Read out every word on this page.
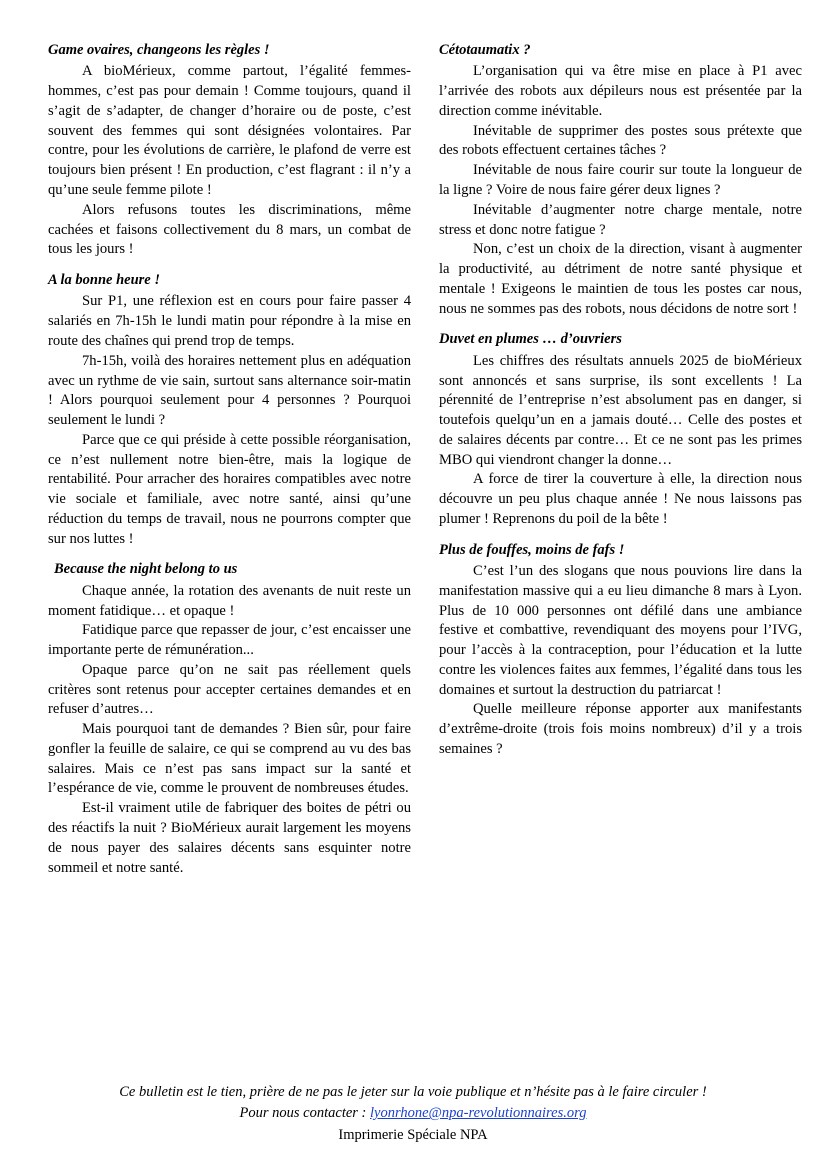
Game ovaires, changeons les règles !

A bioMérieux, comme partout, l’égalité femmes-hommes, c’est pas pour demain ! Comme toujours, quand il s’agit de s’adapter, de changer d’horaire ou de poste, c’est souvent des femmes qui sont désignées volontaires. Par contre, pour les évolutions de carrière, le plafond de verre est toujours bien présent ! En production, c’est flagrant : il n’y a qu’une seule femme pilote !

Alors refusons toutes les discriminations, même cachées et faisons collectivement du 8 mars, un combat de tous les jours !

A la bonne heure !

Sur P1, une réflexion est en cours pour faire passer 4 salariés en 7h-15h le lundi matin pour répondre à la mise en route des chaînes qui prend trop de temps.

7h-15h, voilà des horaires nettement plus en adéquation avec un rythme de vie sain, surtout sans alternance soir-matin ! Alors pourquoi seulement pour 4 personnes ? Pourquoi seulement le lundi ?

Parce que ce qui préside à cette possible réorganisation, ce n’est nullement notre bien-être, mais la logique de rentabilité. Pour arracher des horaires compatibles avec notre vie sociale et familiale, avec notre santé, ainsi qu’une réduction du temps de travail, nous ne pourrons compter que sur nos luttes !

Because the night belong to us

Chaque année, la rotation des avenants de nuit reste un moment fatidique… et opaque !

Fatidique parce que repasser de jour, c’est encaisser une importante perte de rémunération...

Opaque parce qu’on ne sait pas réellement quels critères sont retenus pour accepter certaines demandes et en refuser d’autres…

Mais pourquoi tant de demandes ? Bien sûr, pour faire gonfler la feuille de salaire, ce qui se comprend au vu des bas salaires. Mais ce n’est pas sans impact sur la santé et l’espérance de vie, comme le prouvent de nombreuses études.

Est-il vraiment utile de fabriquer des boites de pétri ou des réactifs la nuit ? BioMérieux aurait largement les moyens de nous payer des salaires décents sans esquinter notre sommeil et notre santé.

Cétotaumatix ?

L’organisation qui va être mise en place à P1 avec l’arrivée des robots aux dépileurs nous est présentée par la direction comme inévitable.

Inévitable de supprimer des postes sous prétexte que des robots effectuent certaines tâches ?

Inévitable de nous faire courir sur toute la longueur de la ligne ? Voire de nous faire gérer deux lignes ?

Inévitable d’augmenter notre charge mentale, notre stress et donc notre fatigue ?

Non, c’est un choix de la direction, visant à augmenter la productivité, au détriment de notre santé physique et mentale ! Exigeons le maintien de tous les postes car nous, nous ne sommes pas des robots, nous décidons de notre sort !

Duvet en plumes … d’ouvriers

Les chiffres des résultats annuels 2025 de bioMérieux sont annoncés et sans surprise, ils sont excellents ! La pérennité de l’entreprise n’est absolument pas en danger, si toutefois quelqu’un en a jamais douté… Celle des postes et de salaires décents par contre… Et ce ne sont pas les primes MBO qui viendront changer la donne…

A force de tirer la couverture à elle, la direction nous découvre un peu plus chaque année ! Ne nous laissons pas plumer ! Reprenons du poil de la bête !

Plus de fouffes, moins de fafs !

C’est l’un des slogans que nous pouvions lire dans la manifestation massive qui a eu lieu dimanche 8 mars à Lyon. Plus de 10 000 personnes ont défilé dans une ambiance festive et combattive, revendiquant des moyens pour l’IVG, pour l’accès à la contraception, pour l’éducation et la lutte contre les violences faites aux femmes, l’égalité dans tous les domaines et surtout la destruction du patriarcat !

Quelle meilleure réponse apporter aux manifestants d’extrême-droite (trois fois moins nombreux) d’il y a trois semaines ?

Ce bulletin est le tien, prière de ne pas le jeter sur la voie publique et n’hésite pas à le faire circuler !
Pour nous contacter : lyonrhone@npa-revolutionnaires.org
Imprimerie Spéciale NPA
